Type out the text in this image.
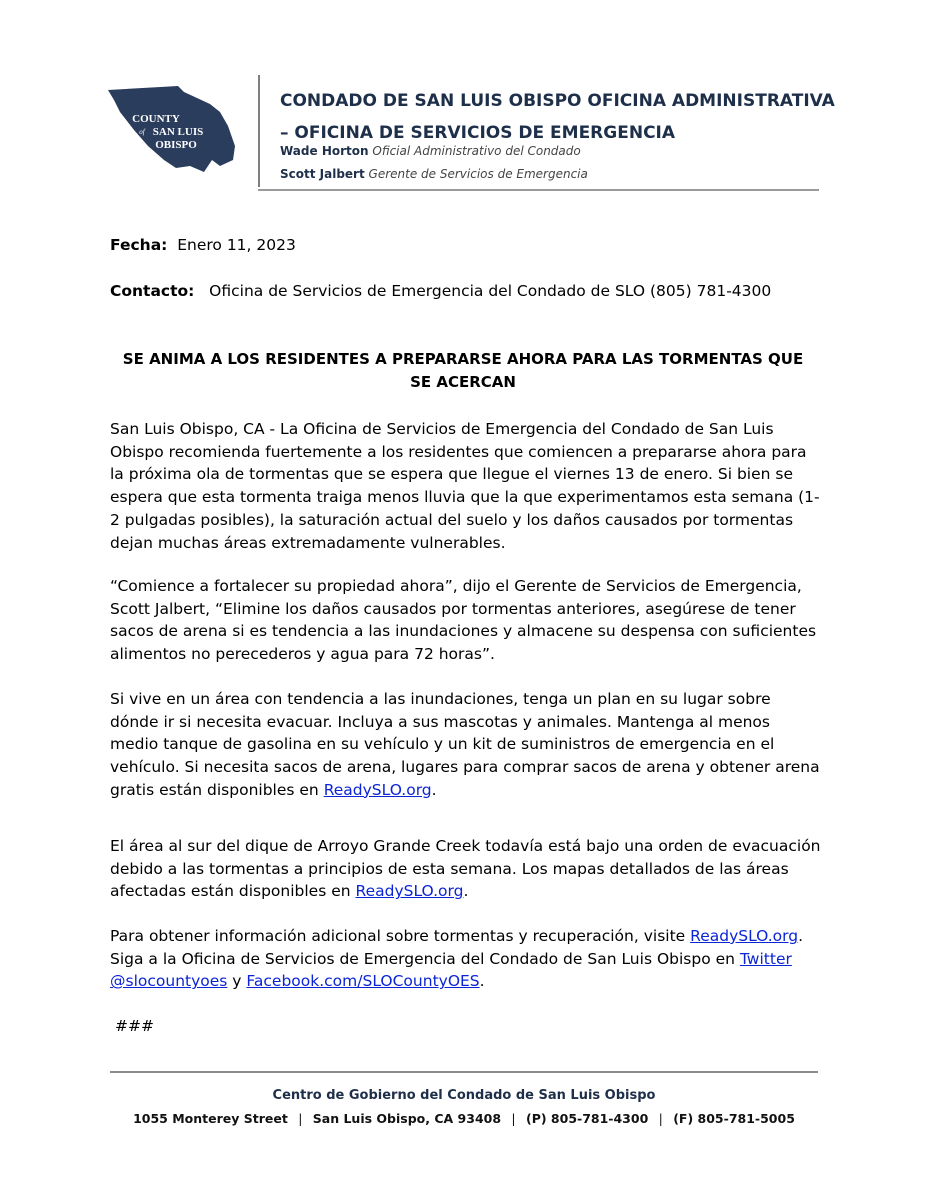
COUNTY
of SAN LUIS
OBISPO
CONDADO DE SAN LUIS OBISPO OFICINA ADMINISTRATIVA – OFICINA DE SERVICIOS DE EMERGENCIA
Wade Horton Oficial Administrativo del Condado
Scott Jalbert Gerente de Servicios de Emergencia
Fecha: Enero 11, 2023
Contacto: Oficina de Servicios de Emergencia del Condado de SLO (805) 781-4300
SE ANIMA A LOS RESIDENTES A PREPARARSE AHORA PARA LAS TORMENTAS QUE SE ACERCAN

San Luis Obispo, CA - La Oficina de Servicios de Emergencia del Condado de San Luis Obispo recomienda fuertemente a los residentes que comiencen a prepararse ahora para la próxima ola de tormentas que se espera que llegue el viernes 13 de enero. Si bien se espera que esta tormenta traiga menos lluvia que la que experimentamos esta semana (1-2 pulgadas posibles), la saturación actual del suelo y los daños causados por tormentas dejan muchas áreas extremadamente vulnerables.

“Comience a fortalecer su propiedad ahora”, dijo el Gerente de Servicios de Emergencia, Scott Jalbert, “Elimine los daños causados por tormentas anteriores, asegúrese de tener sacos de arena si es tendencia a las inundaciones y almacene su despensa con suficientes alimentos no perecederos y agua para 72 horas”.

Si vive en un área con tendencia a las inundaciones, tenga un plan en su lugar sobre dónde ir si necesita evacuar. Incluya a sus mascotas y animales. Mantenga al menos medio tanque de gasolina en su vehículo y un kit de suministros de emergencia en el vehículo. Si necesita sacos de arena, lugares para comprar sacos de arena y obtener arena gratis están disponibles en ReadySLO.org.

El área al sur del dique de Arroyo Grande Creek todavía está bajo una orden de evacuación debido a las tormentas a principios de esta semana. Los mapas detallados de las áreas afectadas están disponibles en ReadySLO.org.

Para obtener información adicional sobre tormentas y recuperación, visite ReadySLO.org. Siga a la Oficina de Servicios de Emergencia del Condado de San Luis Obispo en Twitter @slocountyoes y Facebook.com/SLOCountyOES.

###
Centro de Gobierno del Condado de San Luis Obispo
1055 Monterey Street | San Luis Obispo, CA 93408 | (P) 805-781-4300 | (F) 805-781-5005
